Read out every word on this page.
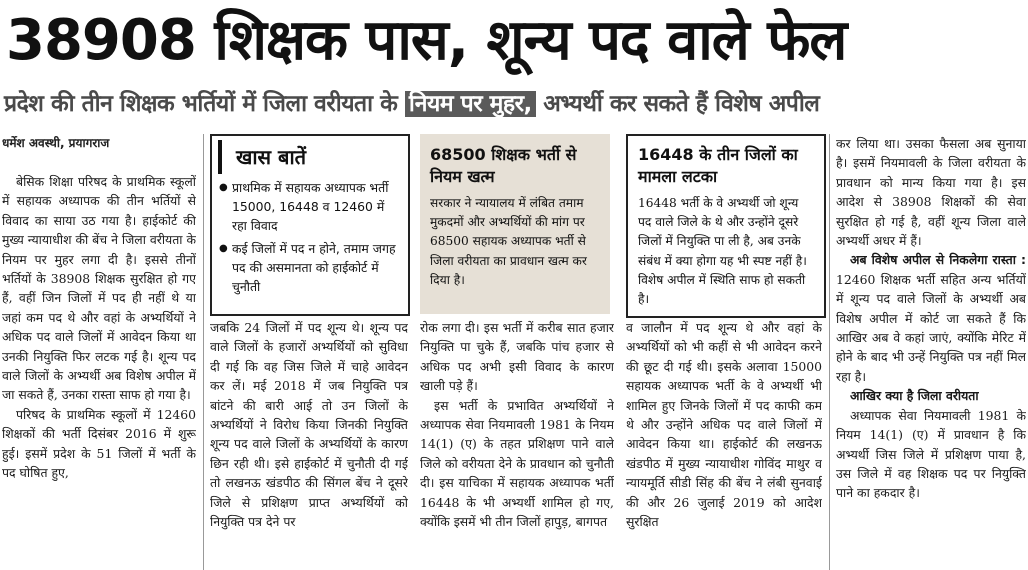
38908 शिक्षक पास, शून्य पद वाले फेल
प्रदेश की तीन शिक्षक भर्तियों में जिला वरीयता के नियम पर मुहर, अभ्यर्थी कर सकते हैं विशेष अपील
धर्मेश अवस्थी, प्रयागराज

बेसिक शिक्षा परिषद के प्राथमिक स्कूलों में सहायक अध्यापक की तीन भर्तियों से विवाद का साया उठ गया है। हाईकोर्ट की मुख्य न्यायाधीश की बेंच ने जिला वरीयता के नियम पर मुहर लगा दी है। इससे तीनों भर्तियों के 38908 शिक्षक सुरक्षित हो गए हैं, वहीं जिन जिलों में पद ही नहीं थे या जहां कम पद थे और वहां के अभ्यर्थियों ने अधिक पद वाले जिलों में आवेदन किया था उनकी नियुक्ति फिर लटक गई है। शून्य पद वाले जिलों के अभ्यर्थी अब विशेष अपील में जा सकते हैं, उनका रास्ता साफ हो गया है।

परिषद के प्राथमिक स्कूलों में 12460 शिक्षकों की भर्ती दिसंबर 2016 में शुरू हुई। इसमें प्रदेश के 51 जिलों में भर्ती के पद घोषित हुए,

खास बातें
● प्राथमिक में सहायक अध्यापक भर्ती 15000, 16448 व 12460 में रहा विवाद
● कई जिलों में पद न होने, तमाम जगह पद की असमानता को हाईकोर्ट में चुनौती

जबकि 24 जिलों में पद शून्य थे। शून्य पद वाले जिलों के हजारों अभ्यर्थियों को सुविधा दी गई कि वह जिस जिले में चाहे आवेदन कर लें। मई 2018 में जब नियुक्ति पत्र बांटने की बारी आई तो उन जिलों के अभ्यर्थियों ने विरोध किया जिनकी नियुक्ति शून्य पद वाले जिलों के अभ्यर्थियों के कारण छिन रही थी। इसे हाईकोर्ट में चुनौती दी गई तो लखनऊ खंडपीठ की सिंगल बेंच ने दूसरे जिले से प्रशिक्षण प्राप्त अभ्यर्थियों को नियुक्ति पत्र देने पर

68500 शिक्षक भर्ती से नियम खत्म
सरकार ने न्यायालय में लंबित तमाम मुकदमों और अभ्यर्थियों की मांग पर 68500 सहायक अध्यापक भर्ती से जिला वरीयता का प्रावधान खत्म कर दिया है।

रोक लगा दी। इस भर्ती में करीब सात हजार नियुक्ति पा चुके हैं, जबकि पांच हजार से अधिक पद अभी इसी विवाद के कारण खाली पड़े हैं।

इस भर्ती के प्रभावित अभ्यर्थियों ने अध्यापक सेवा नियमावली 1981 के नियम 14(1) (ए) के तहत प्रशिक्षण पाने वाले जिले को वरीयता देने के प्रावधान को चुनौती दी। इस याचिका में सहायक अध्यापक भर्ती 16448 के भी अभ्यर्थी शामिल हो गए, क्योंकि इसमें भी तीन जिलों हापुड़, बागपत

16448 के तीन जिलों का मामला लटका
16448 भर्ती के वे अभ्यर्थी जो शून्य पद वाले जिले के थे और उन्होंने दूसरे जिलों में नियुक्ति पा ली है, अब उनके संबंध में क्या होगा यह भी स्पष्ट नहीं है। विशेष अपील में स्थिति साफ हो सकती है।

व जालौन में पद शून्य थे और वहां के अभ्यर्थियों को भी कहीं से भी आवेदन करने की छूट दी गई थी। इसके अलावा 15000 सहायक अध्यापक भर्ती के वे अभ्यर्थी भी शामिल हुए जिनके जिलों में पद काफी कम थे और उन्होंने अधिक पद वाले जिलों में आवेदन किया था। हाईकोर्ट की लखनऊ खंडपीठ में मुख्य न्यायाधीश गोविंद माथुर व न्यायमूर्ति सीडी सिंह की बेंच ने लंबी सुनवाई की और 26 जुलाई 2019 को आदेश सुरक्षित

कर लिया था। उसका फैसला अब सुनाया है। इसमें नियमावली के जिला वरीयता के प्रावधान को मान्य किया गया है। इस आदेश से 38908 शिक्षकों की सेवा सुरक्षित हो गई है, वहीं शून्य जिला वाले अभ्यर्थी अधर में हैं।

अब विशेष अपील से निकलेगा रास्ता : 12460 शिक्षक भर्ती सहित अन्य भर्तियों में शून्य पद वाले जिलों के अभ्यर्थी अब विशेष अपील में कोर्ट जा सकते हैं कि आखिर अब वे कहां जाएं, क्योंकि मेरिट में होने के बाद भी उन्हें नियुक्ति पत्र नहीं मिल रहा है।

आखिर क्या है जिला वरीयता

अध्यापक सेवा नियमावली 1981 के नियम 14(1) (ए) में प्रावधान है कि अभ्यर्थी जिस जिले में प्रशिक्षण पाया है, उस जिले में वह शिक्षक पद पर नियुक्ति पाने का हकदार है।
